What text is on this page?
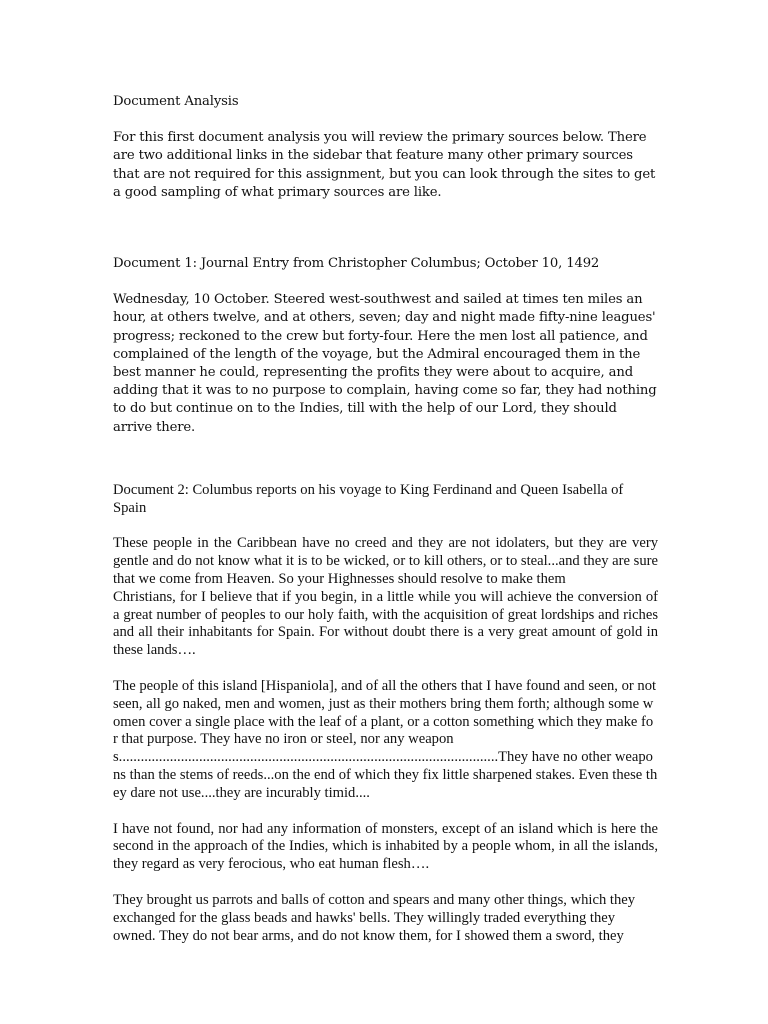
Document Analysis

For this first document analysis you will review the primary sources below. There are two additional links in the sidebar that feature many other primary sources that are not required for this assignment, but you can look through the sites to get a good sampling of what primary sources are like.

Document 1: Journal Entry from Christopher Columbus; October 10, 1492

Wednesday, 10 October. Steered west-southwest and sailed at times ten miles an hour, at others twelve, and at others, seven; day and night made fifty-nine leagues' progress; reckoned to the crew but forty-four. Here the men lost all patience, and complained of the length of the voyage, but the Admiral encouraged them in the best manner he could, representing the profits they were about to acquire, and adding that it was to no purpose to complain, having come so far, they had nothing to do but continue on to the Indies, till with the help of our Lord, they should arrive there.

Document 2: Columbus reports on his voyage to King Ferdinand and Queen Isabella of Spain

These people in the Caribbean have no creed and they are not idolaters, but they are very gentle and do not know what it is to be wicked, or to kill others, or to steal...and they are sure that we come from Heaven. So your Highnesses should resolve to make them

Christians, for I believe that if you begin, in a little while you will achieve the conversion of a great number of peoples to our holy faith, with the acquisition of great lordships and riches and all their inhabitants for Spain. For without doubt there is a very great amount of gold in these lands….

The people of this island [Hispaniola], and of all the others that I have found and seen, or not seen, all go naked, men and women, just as their mothers bring them forth; although some women cover a single place with the leaf of a plant, or a cotton something which they make for that purpose. They have no iron or steel, nor any weapons........................................................................................................They have no other weapons than the stems of reeds...on the end of which they fix little sharpened stakes. Even these they dare not use....they are incurably timid....

I have not found, nor had any information of monsters, except of an island which is here the second in the approach of the Indies, which is inhabited by a people whom, in all the islands, they regard as very ferocious, who eat human flesh….

They brought us parrots and balls of cotton and spears and many other things, which they exchanged for the glass beads and hawks' bells. They willingly traded everything they owned. They do not bear arms, and do not know them, for I showed them a sword, they
